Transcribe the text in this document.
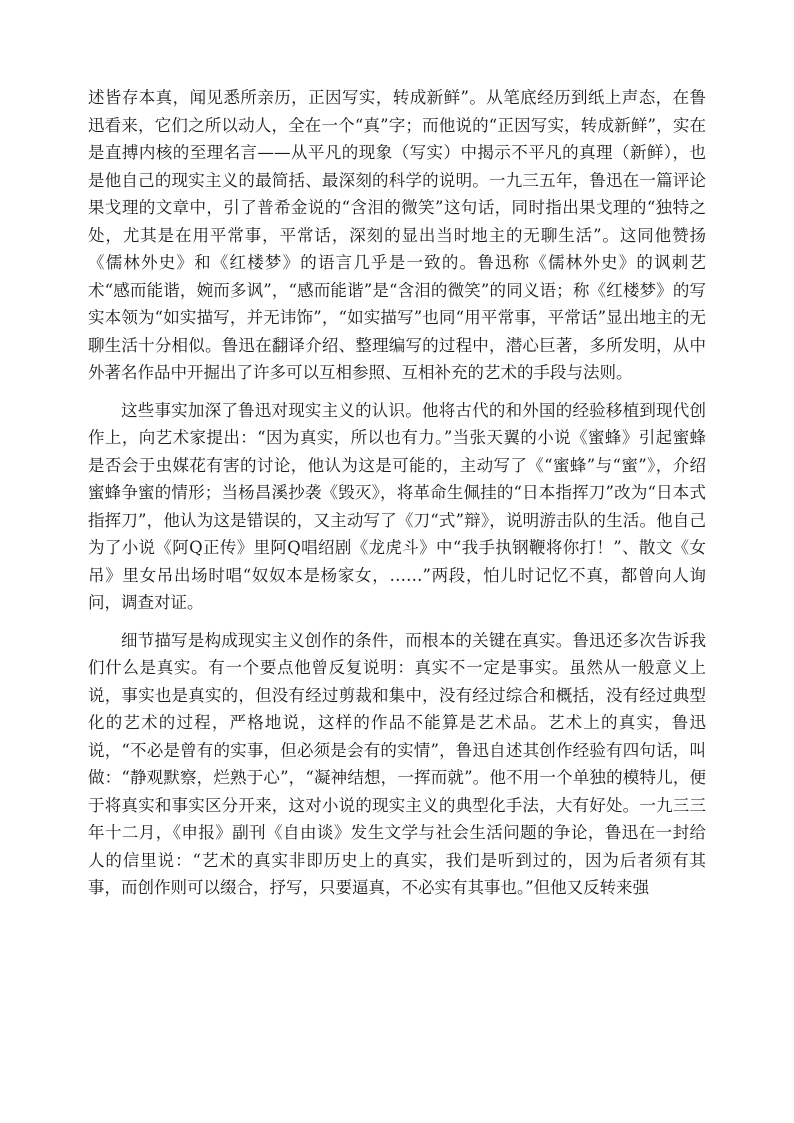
述皆存本真，闻见悉所亲历，正因写实，转成新鲜”。从笔底经历到纸上声态，在鲁迅看来，它们之所以动人，全在一个“真”字；而他说的“正因写实，转成新鲜”，实在是直搏内核的至理名言——从平凡的现象（写实）中揭示不平凡的真理（新鲜），也是他自己的现实主义的最简括、最深刻的科学的说明。一九三五年，鲁迅在一篇评论果戈理的文章中，引了普希金说的“含泪的微笑”这句话，同时指出果戈理的“独特之处，尤其是在用平常事，平常话，深刻的显出当时地主的无聊生活”。这同他赞扬《儒林外史》和《红楼梦》的语言几乎是一致的。鲁迅称《儒林外史》的讽刺艺术“感而能谐，婉而多讽”，“感而能谐”是“含泪的微笑”的同义语；称《红楼梦》的写实本领为“如实描写，并无讳饰”，“如实描写”也同“用平常事，平常话”显出地主的无聊生活十分相似。鲁迅在翻译介绍、整理编写的过程中，潜心巨著，多所发明，从中外著名作品中开掘出了许多可以互相参照、互相补充的艺术的手段与法则。

这些事实加深了鲁迅对现实主义的认识。他将古代的和外国的经验移植到现代创作上，向艺术家提出：“因为真实，所以也有力。”当张天翼的小说《蜜蜂》引起蜜蜂是否会于虫媒花有害的讨论，他认为这是可能的，主动写了《“蜜蜂”与“蜜”》，介绍蜜蜂争蜜的情形；当杨昌溪抄袭《毁灭》，将革命生佩挂的“日本指挥刀”改为“日本式指挥刀”，他认为这是错误的，又主动写了《刀“式”辩》，说明游击队的生活。他自己为了小说《阿Q正传》里阿Q唱绍剧《龙虎斗》中“我手执钢鞭将你打！”、散文《女吊》里女吊出场时唱“奴奴本是杨家女，……”两段，怕儿时记忆不真，都曾向人询问，调查对证。

细节描写是构成现实主义创作的条件，而根本的关键在真实。鲁迅还多次告诉我们什么是真实。有一个要点他曾反复说明：真实不一定是事实。虽然从一般意义上说，事实也是真实的，但没有经过剪裁和集中，没有经过综合和概括，没有经过典型化的艺术的过程，严格地说，这样的作品不能算是艺术品。艺术上的真实，鲁迅说，“不必是曾有的实事，但必须是会有的实情”，鲁迅自述其创作经验有四句话，叫做：“静观默察，烂熟于心”，“凝神结想，一挥而就”。他不用一个单独的模特儿，便于将真实和事实区分开来，这对小说的现实主义的典型化手法，大有好处。一九三三年十二月，《申报》副刊《自由谈》发生文学与社会生活问题的争论，鲁迅在一封给人的信里说：“艺术的真实非即历史上的真实，我们是听到过的，因为后者须有其事，而创作则可以缀合，抒写，只要逼真，不必实有其事也。”但他又反转来强
